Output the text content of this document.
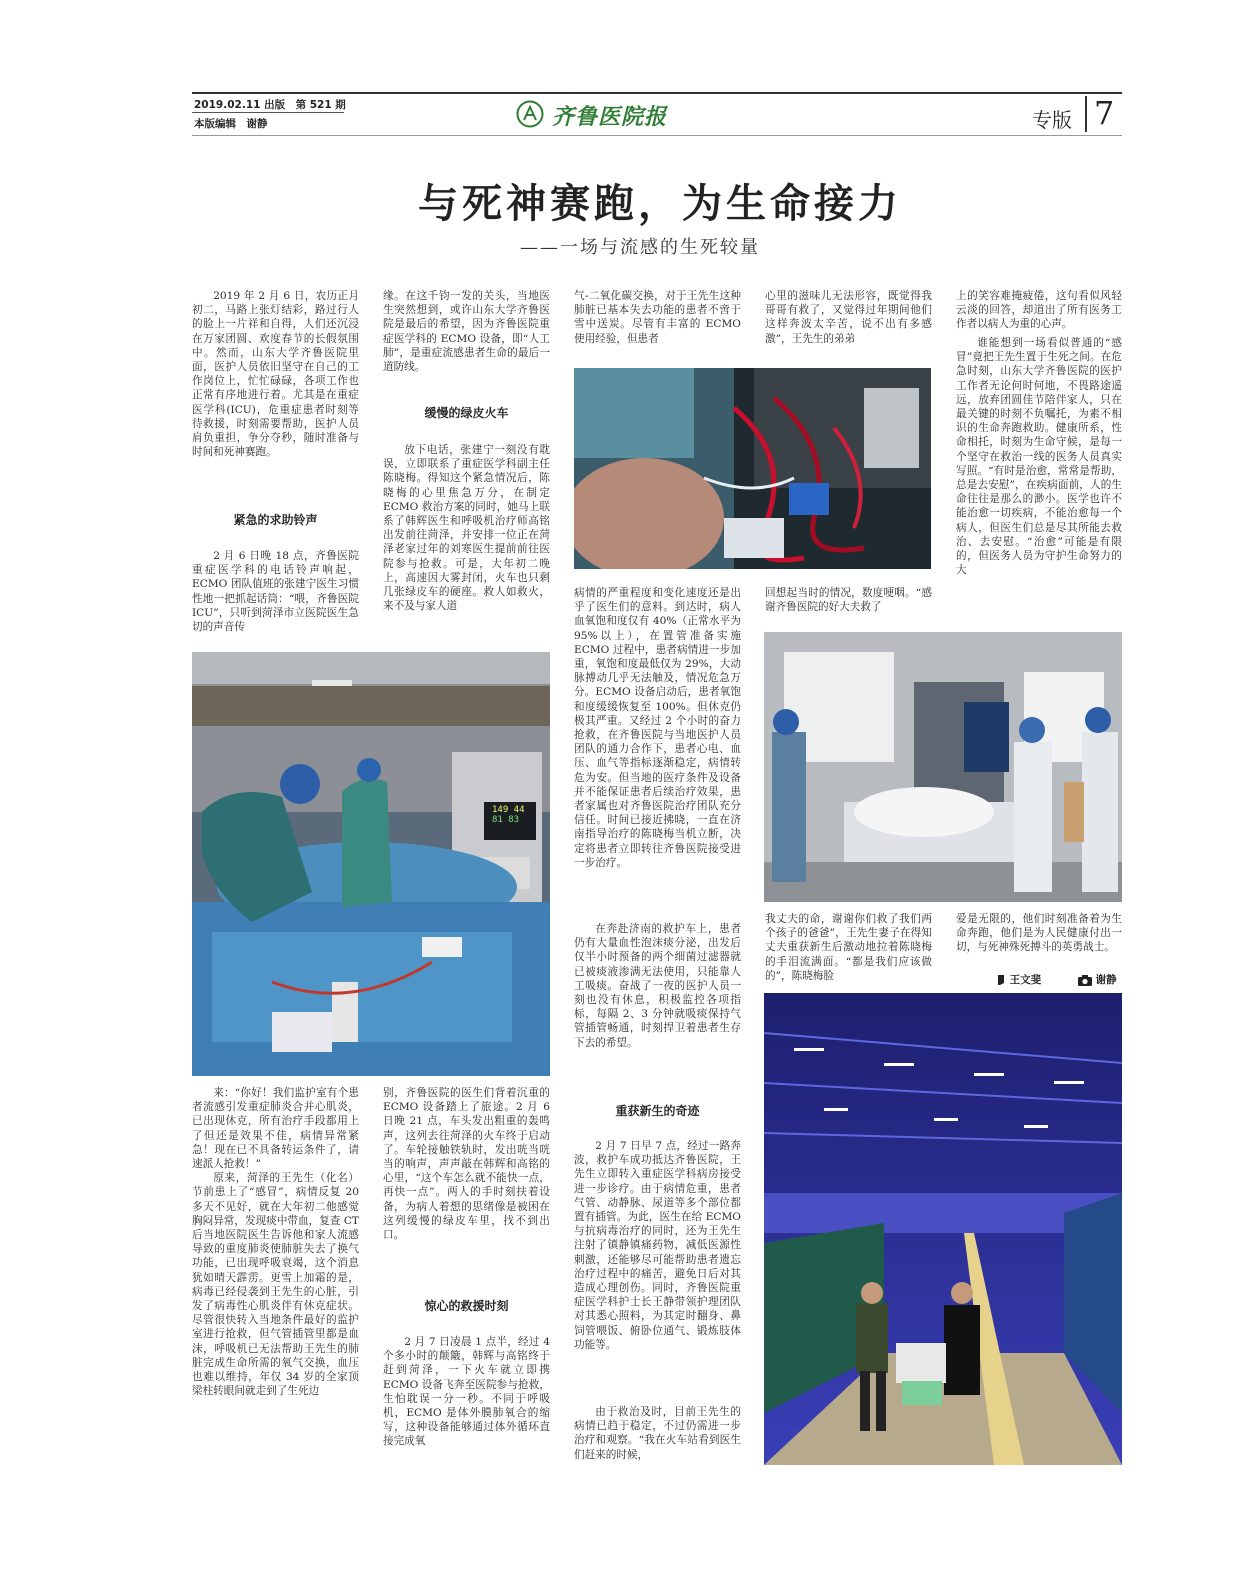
2019.02.11 出版　第 521 期
本版编辑　谢静	齐鲁医院报	专版 7
与死神赛跑，为生命接力
——一场与流感的生死较量

2019 年 2 月 6 日，农历正月初二，马路上张灯结彩，路过行人的脸上一片祥和自得，人们还沉浸在万家团圆、欢度春节的长假氛围中。然而，山东大学齐鲁医院里面，医护人员依旧坚守在自己的工作岗位上，忙忙碌碌，各项工作也正常有序地进行着。尤其是在重症医学科(ICU)，危重症患者时刻等待救援，时刻需要帮助，医护人员肩负重担，争分夺秒，随时准备与时间和死神赛跑。

紧急的求助铃声

2 月 6 日晚 18 点，齐鲁医院重症医学科的电话铃声响起，ECMO 团队值班的张建宁医生习惯性地一把抓起话筒：“喂，齐鲁医院 ICU”，只听到菏泽市立医院医生急切的声音传

149 44
81 83

来：“你好！我们监护室有个患者流感引发重症肺炎合并心肌炎，已出现休克，所有治疗手段都用上了但还是效果不佳，病情异常紧急！现在已不具备转运条件了，请速派人抢救！”

原来，菏泽的王先生（化名）节前患上了“感冒”，病情反复 20 多天不见好，就在大年初二他感觉胸闷异常，发现痰中带血，复查 CT 后当地医院医生告诉他和家人流感导致的重度肺炎使肺脏失去了换气功能，已出现呼吸衰竭，这个消息犹如晴天霹雳。更雪上加霜的是，病毒已经侵袭到王先生的心脏，引发了病毒性心肌炎伴有休克症状。尽管很快转入当地条件最好的监护室进行抢救，但气管插管里都是血沫，呼吸机已无法帮助王先生的肺脏完成生命所需的氧气交换，血压也难以维持，年仅 34 岁的全家顶梁柱转眼间就走到了生死边

缘。在这千钧一发的关头，当地医生突然想到，或许山东大学齐鲁医院是最后的希望，因为齐鲁医院重症医学科的 ECMO 设备，即“人工肺”，是重症流感患者生命的最后一道防线。

缓慢的绿皮火车

放下电话，张建宁一刻没有耽误，立即联系了重症医学科副主任陈晓梅。得知这个紧急情况后，陈晓梅的心里焦急万分，在制定 ECMO 救治方案的同时，她马上联系了韩辉医生和呼吸机治疗师高铭出发前往菏泽，并安排一位正在菏泽老家过年的刘寒医生提前前往医院参与抢救。可是，大年初二晚上，高速因大雾封闭，火车也只剩几张绿皮车的硬座。救人如救火，来不及与家人道

别，齐鲁医院的医生们背着沉重的 ECMO 设备踏上了旅途。2 月 6 日晚 21 点，车头发出粗重的轰鸣声，这列去往菏泽的火车终于启动了。车轮接触铁轨时，发出咣当咣当的响声，声声敲在韩辉和高铭的心里，“这个车怎么就不能快一点，再快一点”。两人的手时刻扶着设备，为病人着想的思绪像是被困在这列缓慢的绿皮车里，找不到出口。

惊心的救援时刻

2 月 7 日凌晨 1 点半，经过 4 个多小时的颠簸，韩辉与高铭终于赶到菏泽，一下火车就立即携 ECMO 设备飞奔至医院参与抢救，生怕耽误一分一秒。不同于呼吸机，ECMO 是体外膜肺氧合的缩写，这种设备能够通过体外循环直接完成氧

气-二氧化碳交换，对于王先生这种肺脏已基本失去功能的患者不啻于雪中送炭。尽管有丰富的 ECMO 使用经验，但患者

病情的严重程度和变化速度还是出乎了医生们的意料。到达时，病人血氧饱和度仅有 40%（正常水平为 95%以上），在置管准备实施 ECMO 过程中，患者病情进一步加重，氧饱和度最低仅为 29%，大动脉搏动几乎无法触及，情况危急万分。ECMO 设备启动后，患者氧饱和度缓缓恢复至 100%。但休克仍极其严重。又经过 2 个小时的奋力抢救，在齐鲁医院与当地医护人员团队的通力合作下，患者心电、血压、血气等指标逐渐稳定，病情转危为安。但当地的医疗条件及设备并不能保证患者后续治疗效果，患者家属也对齐鲁医院治疗团队充分信任。时间已接近拂晓，一直在济南指导治疗的陈晓梅当机立断，决定将患者立即转往齐鲁医院接受进一步治疗。

在奔赴济南的救护车上，患者仍有大量血性泡沫痰分泌，出发后仅半小时预备的两个细菌过滤器就已被痰液渗满无法使用，只能靠人工吸痰。奋战了一夜的医护人员一刻也没有休息，积极监控各项指标，每隔 2、3 分钟就吸痰保持气管插管畅通，时刻捍卫着患者生存下去的希望。

重获新生的奇迹

2 月 7 日早 7 点，经过一路奔波，救护车成功抵达齐鲁医院，王先生立即转入重症医学科病房接受进一步诊疗。由于病情危重，患者气管、动静脉、尿道等多个部位都置有插管。为此，医生在给 ECMO 与抗病毒治疗的同时，还为王先生注射了镇静镇痛药物，减低医源性刺激，还能够尽可能帮助患者遗忘治疗过程中的痛苦，避免日后对其造成心理创伤。同时，齐鲁医院重症医学科护士长王静带领护理团队对其悉心照料，为其定时翻身、鼻饲管喂饭、俯卧位通气、锻炼肢体功能等。

由于救治及时，目前王先生的病情已趋于稳定，不过仍需进一步治疗和观察。“我在火车站看到医生们赶来的时候，

心里的滋味儿无法形容，既觉得我哥哥有救了，又觉得过年期间他们这样奔波太辛苦，说不出有多感激”，王先生的弟弟

回想起当时的情况，数度哽咽。“感谢齐鲁医院的好大夫救了

我丈夫的命，谢谢你们救了我们两个孩子的爸爸”，王先生妻子在得知丈夫重获新生后激动地拉着陈晓梅的手泪流满面。“都是我们应该做的”，陈晓梅脸

上的笑容难掩疲倦，这句看似风轻云淡的回答，却道出了所有医务工作者以病人为重的心声。

谁能想到一场看似普通的“感冒”竟把王先生置于生死之间。在危急时刻，山东大学齐鲁医院的医护工作者无论何时何地，不畏路途遥远，放弃团圆佳节陪伴家人，只在最关键的时刻不负嘱托，为素不相识的生命奔跑救助。健康所系，性命相托，时刻为生命守候，是每一个坚守在救治一线的医务人员真实写照。“有时是治愈，常常是帮助，总是去安慰”，在疾病面前，人的生命往往是那么的渺小。医学也许不能治愈一切疾病，不能治愈每一个病人，但医生们总是尽其所能去救治、去安慰。“治愈”可能是有限的，但医务人员为守护生命努力的大

爱是无限的，他们时刻准备着为生命奔跑，他们是为人民健康付出一切，与死神殊死搏斗的英勇战士。

王文斐	谢静
